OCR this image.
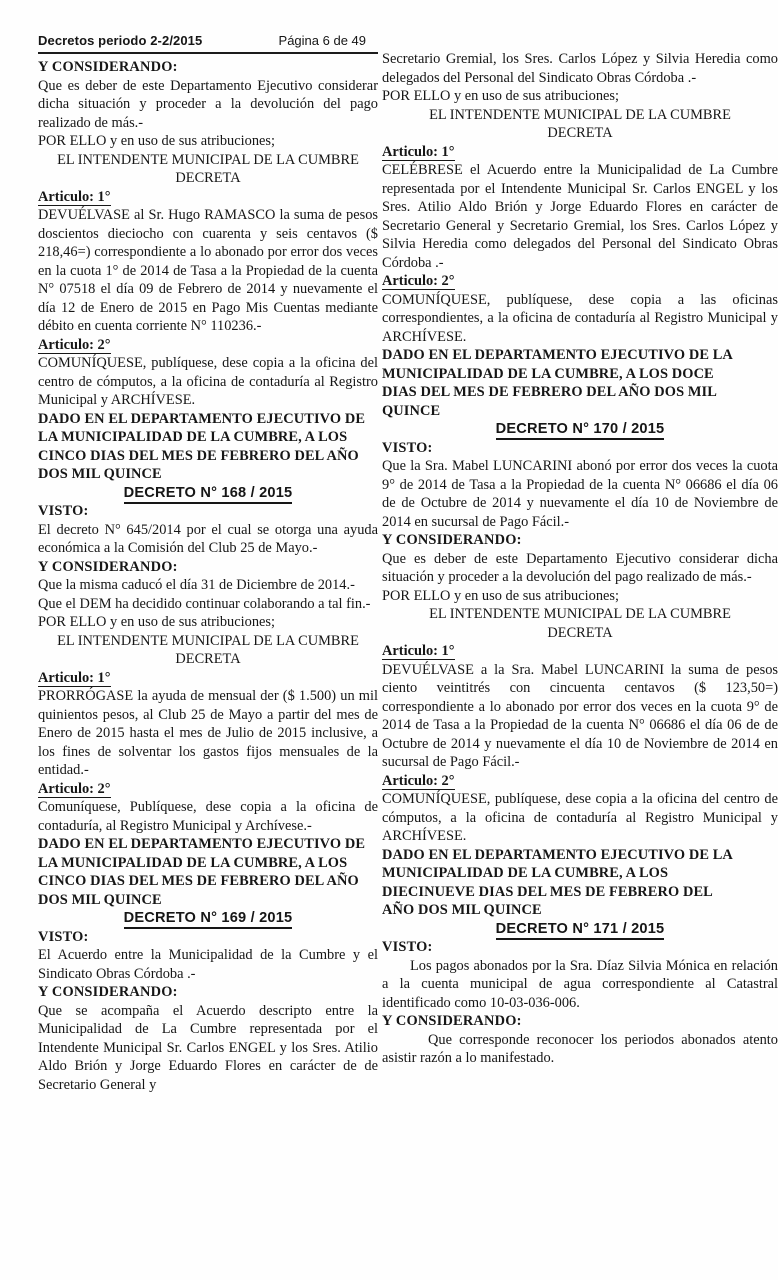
Decretos periodo 2-2/2015	Página 6 de 49

Y CONSIDERANDO:

Que es deber de este Departamento Ejecutivo considerar dicha situación y proceder a la devolución del pago realizado de más.-

POR ELLO y en uso de sus atribuciones;

EL INTENDENTE MUNICIPAL DE LA CUMBRE

DECRETA

Articulo: 1°

DEVUÉLVASE al Sr. Hugo RAMASCO la suma de pesos doscientos dieciocho con cuarenta y seis centavos ($ 218,46=) correspondiente a lo abonado por error dos veces en la cuota 1° de 2014 de Tasa a la Propiedad de la cuenta N° 07518 el día 09 de Febrero de 2014 y nuevamente el día 12 de Enero de 2015 en Pago Mis Cuentas mediante débito en cuenta corriente N° 110236.-

Articulo: 2°

COMUNÍQUESE, publíquese, dese copia a la oficina del centro de cómputos, a la oficina de contaduría al Registro Municipal y ARCHÍVESE.

DADO EN EL DEPARTAMENTO EJECUTIVO DE LA MUNICIPALIDAD DE LA CUMBRE, A LOS CINCO DIAS DEL MES DE FEBRERO DEL AÑO DOS MIL QUINCE

DECRETO N° 168 / 2015

VISTO:

El decreto N° 645/2014 por el cual se otorga una ayuda económica a la Comisión del Club 25 de Mayo.-

Y CONSIDERANDO:

Que la misma caducó el día 31 de Diciembre de 2014.-

Que el DEM ha decidido continuar colaborando a tal fin.-

POR ELLO y en uso de sus atribuciones;

EL INTENDENTE MUNICIPAL DE LA CUMBRE

DECRETA

Articulo: 1°

PRORRÓGASE la ayuda de mensual der ($ 1.500) un mil quinientos pesos, al Club 25 de Mayo a partir del mes de Enero de 2015 hasta el mes de Julio de 2015 inclusive, a los fines de solventar los gastos fijos mensuales de la entidad.-

Articulo: 2°

Comuníquese, Publíquese, dese copia a la oficina de contaduría, al Registro Municipal y Archívese.-

DADO EN EL DEPARTAMENTO EJECUTIVO DE LA MUNICIPALIDAD DE LA CUMBRE, A LOS CINCO DIAS DEL MES DE FEBRERO DEL AÑO DOS MIL QUINCE

DECRETO N° 169 / 2015

VISTO:

El Acuerdo entre la Municipalidad de la Cumbre y el Sindicato Obras Córdoba .-

Y CONSIDERANDO:

Que se acompaña el Acuerdo descripto entre la Municipalidad de La Cumbre representada por el Intendente Municipal Sr. Carlos ENGEL y los Sres. Atilio Aldo Brión y Jorge Eduardo Flores en carácter de de Secretario General y

Secretario Gremial, los Sres. Carlos López y Silvia Heredia como delegados del Personal del Sindicato Obras Córdoba .-

POR ELLO y en uso de sus atribuciones;

EL INTENDENTE MUNICIPAL DE LA CUMBRE

DECRETA

Articulo: 1°

CELÉBRESE el Acuerdo entre la Municipalidad de La Cumbre representada por el Intendente Municipal Sr. Carlos ENGEL y los Sres. Atilio Aldo Brión y Jorge Eduardo Flores en carácter de Secretario General y Secretario Gremial, los Sres. Carlos López y Silvia Heredia como delegados del Personal del Sindicato Obras Córdoba .-

Articulo: 2°

COMUNÍQUESE, publíquese, dese copia a las oficinas correspondientes, a la oficina de contaduría al Registro Municipal y ARCHÍVESE.

DADO EN EL DEPARTAMENTO EJECUTIVO DE LA MUNICIPALIDAD DE LA CUMBRE, A LOS DOCE DIAS DEL MES DE FEBRERO DEL AÑO DOS MIL QUINCE

DECRETO N° 170 / 2015

VISTO:

Que la Sra. Mabel LUNCARINI abonó por error dos veces la cuota 9° de 2014 de Tasa a la Propiedad de la cuenta N° 06686 el día 06 de de Octubre de 2014 y nuevamente el día 10 de Noviembre de 2014 en sucursal de Pago Fácil.-

Y CONSIDERANDO:

Que es deber de este Departamento Ejecutivo considerar dicha situación y proceder a la devolución del pago realizado de más.-

POR ELLO y en uso de sus atribuciones;

EL INTENDENTE MUNICIPAL DE LA CUMBRE

DECRETA

Articulo: 1°

DEVUÉLVASE a la Sra. Mabel LUNCARINI la suma de pesos ciento veintitrés con cincuenta centavos ($ 123,50=) correspondiente a lo abonado por error dos veces en la cuota 9° de 2014 de Tasa a la Propiedad de la cuenta N° 06686 el día 06 de de Octubre de 2014 y nuevamente el día 10 de Noviembre de 2014 en sucursal de Pago Fácil.-

Articulo: 2°

COMUNÍQUESE, publíquese, dese copia a la oficina del centro de cómputos, a la oficina de contaduría al Registro Municipal y ARCHÍVESE.

DADO EN EL DEPARTAMENTO EJECUTIVO DE LA MUNICIPALIDAD DE LA CUMBRE, A LOS DIECINUEVE DIAS DEL MES DE FEBRERO DEL AÑO DOS MIL QUINCE

DECRETO N° 171 / 2015

VISTO:

Los pagos abonados por la Sra. Díaz Silvia Mónica en relación a la cuenta municipal de agua correspondiente al Catastral identificado como 10-03-036-006.

Y CONSIDERANDO:

Que corresponde reconocer los periodos abonados atento asistir razón a lo manifestado.
